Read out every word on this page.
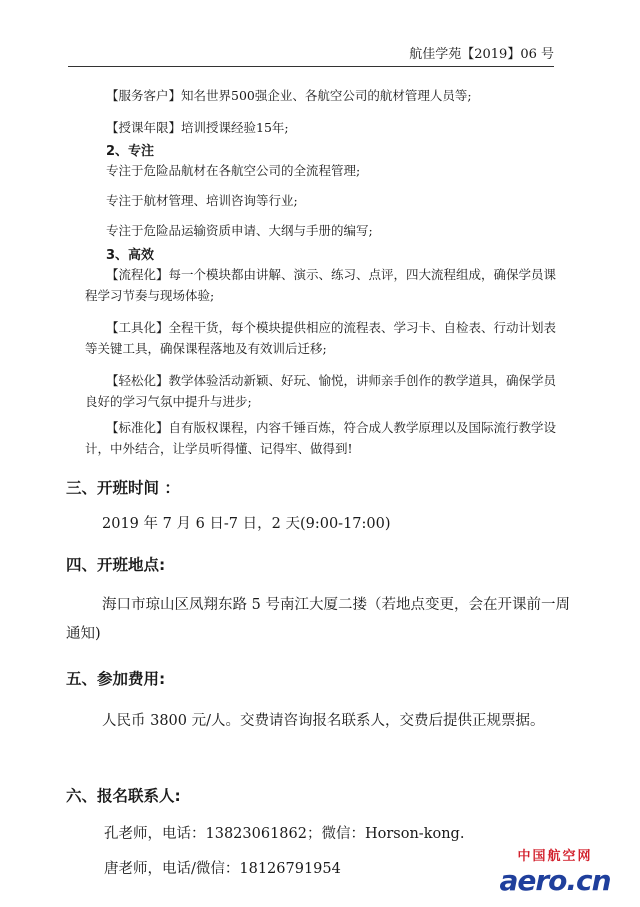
航佳学苑【2019】06 号
【服务客户】知名世界500强企业、各航空公司的航材管理人员等;
【授课年限】培训授课经验15年;
2、专注
专注于危险品航材在各航空公司的全流程管理;
专注于航材管理、培训咨询等行业;
专注于危险品运输资质申请、大纲与手册的编写;
3、高效
【流程化】每一个模块都由讲解、演示、练习、点评，四大流程组成，确保学员课程学习节奏与现场体验;
【工具化】全程干货，每个模块提供相应的流程表、学习卡、自检表、行动计划表等关键工具，确保课程落地及有效训后迁移;
【轻松化】教学体验活动新颖、好玩、愉悦，讲师亲手创作的教学道具，确保学员良好的学习气氛中提升与进步;
【标准化】自有版权课程，内容千锤百炼，符合成人教学原理以及国际流行教学设计，中外结合，让学员听得懂、记得牢、做得到!
三、开班时间 ：
2019 年 7 月 6 日-7 日，2 天(9:00-17:00)
四、开班地点:
海口市琼山区凤翔东路 5 号南江大厦二搂（若地点变更，会在开课前一周通知)
五、参加费用:
人民币 3800 元/人。交费请咨询报名联系人，交费后提供正规票据。
六、报名联系人:
孔老师，电话：13823061862；微信：Horson-kong.
唐老师，电话/微信：18126791954
中国航空网
aero.cn
